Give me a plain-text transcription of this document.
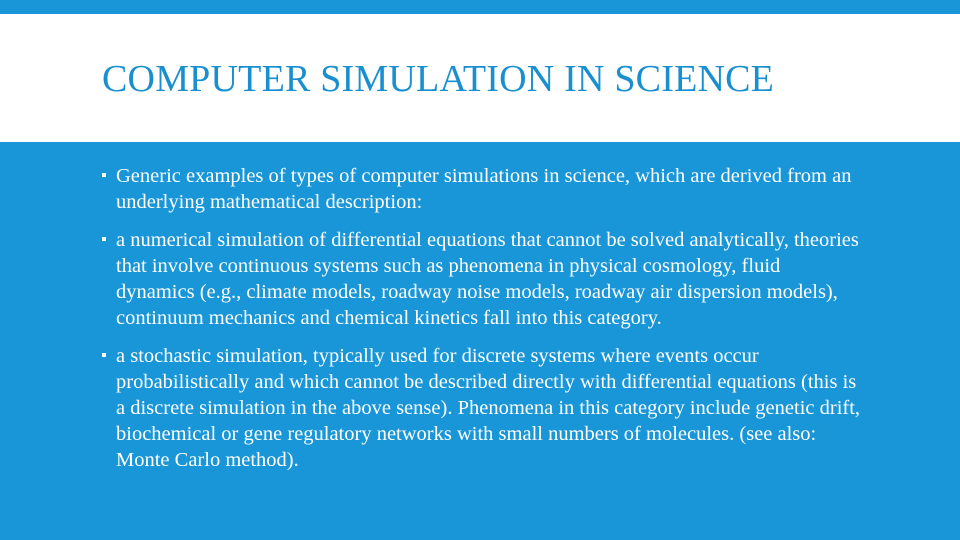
COMPUTER SIMULATION IN SCIENCE
Generic examples of types of computer simulations in science, which are derived from an underlying mathematical description:
a numerical simulation of differential equations that cannot be solved analytically, theories that involve continuous systems such as phenomena in physical cosmology, fluid dynamics (e.g., climate models, roadway noise models, roadway air dispersion models), continuum mechanics and chemical kinetics fall into this category.
a stochastic simulation, typically used for discrete systems where events occur probabilistically and which cannot be described directly with differential equations (this is a discrete simulation in the above sense). Phenomena in this category include genetic drift, biochemical or gene regulatory networks with small numbers of molecules. (see also: Monte Carlo method).
